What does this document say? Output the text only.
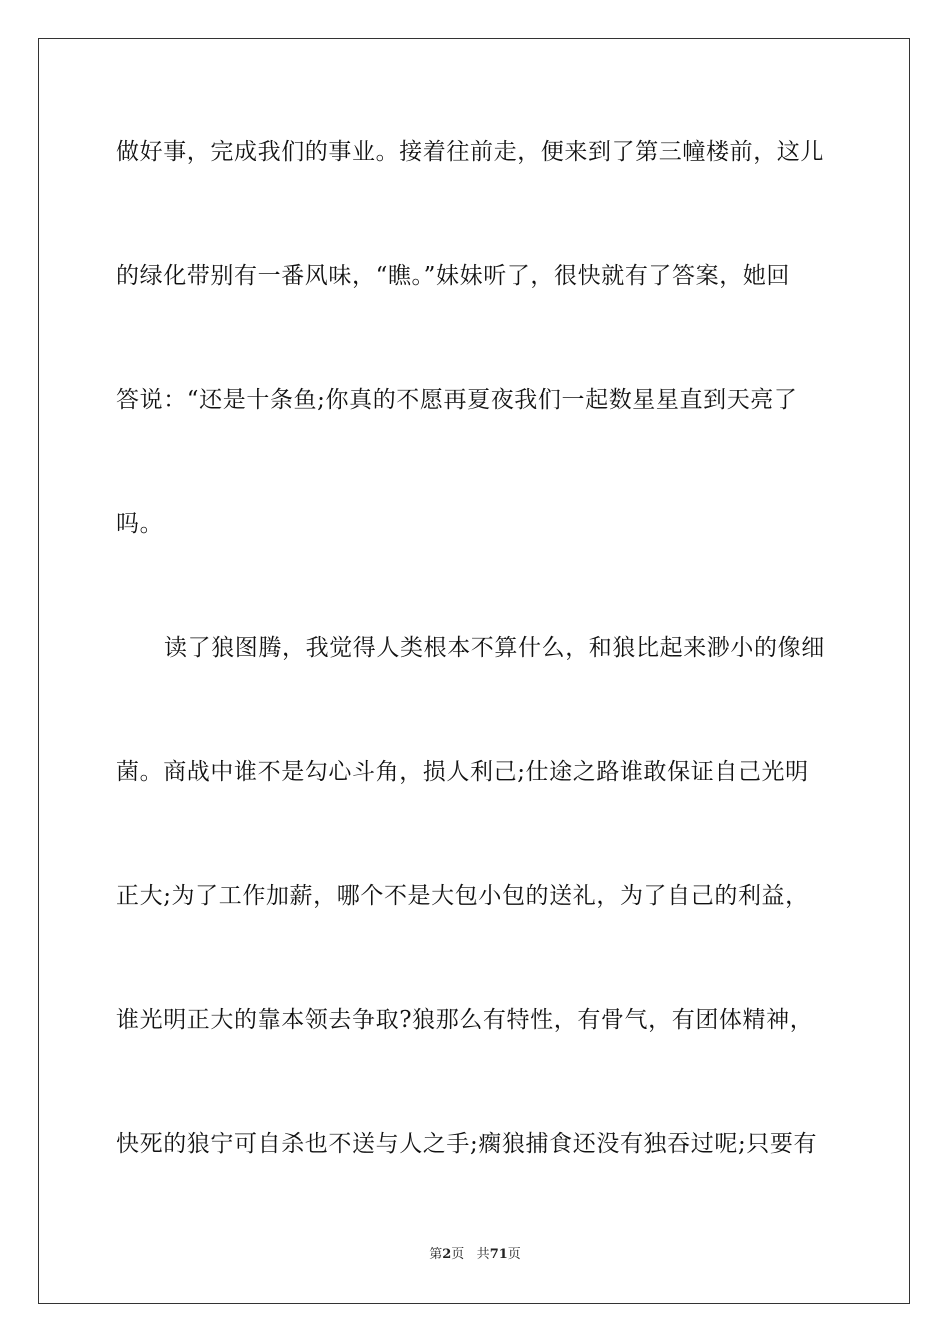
做好事，完成我们的事业。接着往前走，便来到了第三幢楼前，这儿
的绿化带别有一番风味，“瞧。”妹妹听了，很快就有了答案，她回
答说：“还是十条鱼;你真的不愿再夏夜我们一起数星星直到天亮了
吗。
读了狼图腾，我觉得人类根本不算什么，和狼比起来渺小的像细
菌。商战中谁不是勾心斗角，损人利己;仕途之路谁敢保证自己光明
正大;为了工作加薪，哪个不是大包小包的送礼，为了自己的利益，
谁光明正大的靠本领去争取?狼那么有特性，有骨气，有团体精神，
快死的狼宁可自杀也不送与人之手;瘸狼捕食还没有独吞过呢;只要有
第2页 共71页
